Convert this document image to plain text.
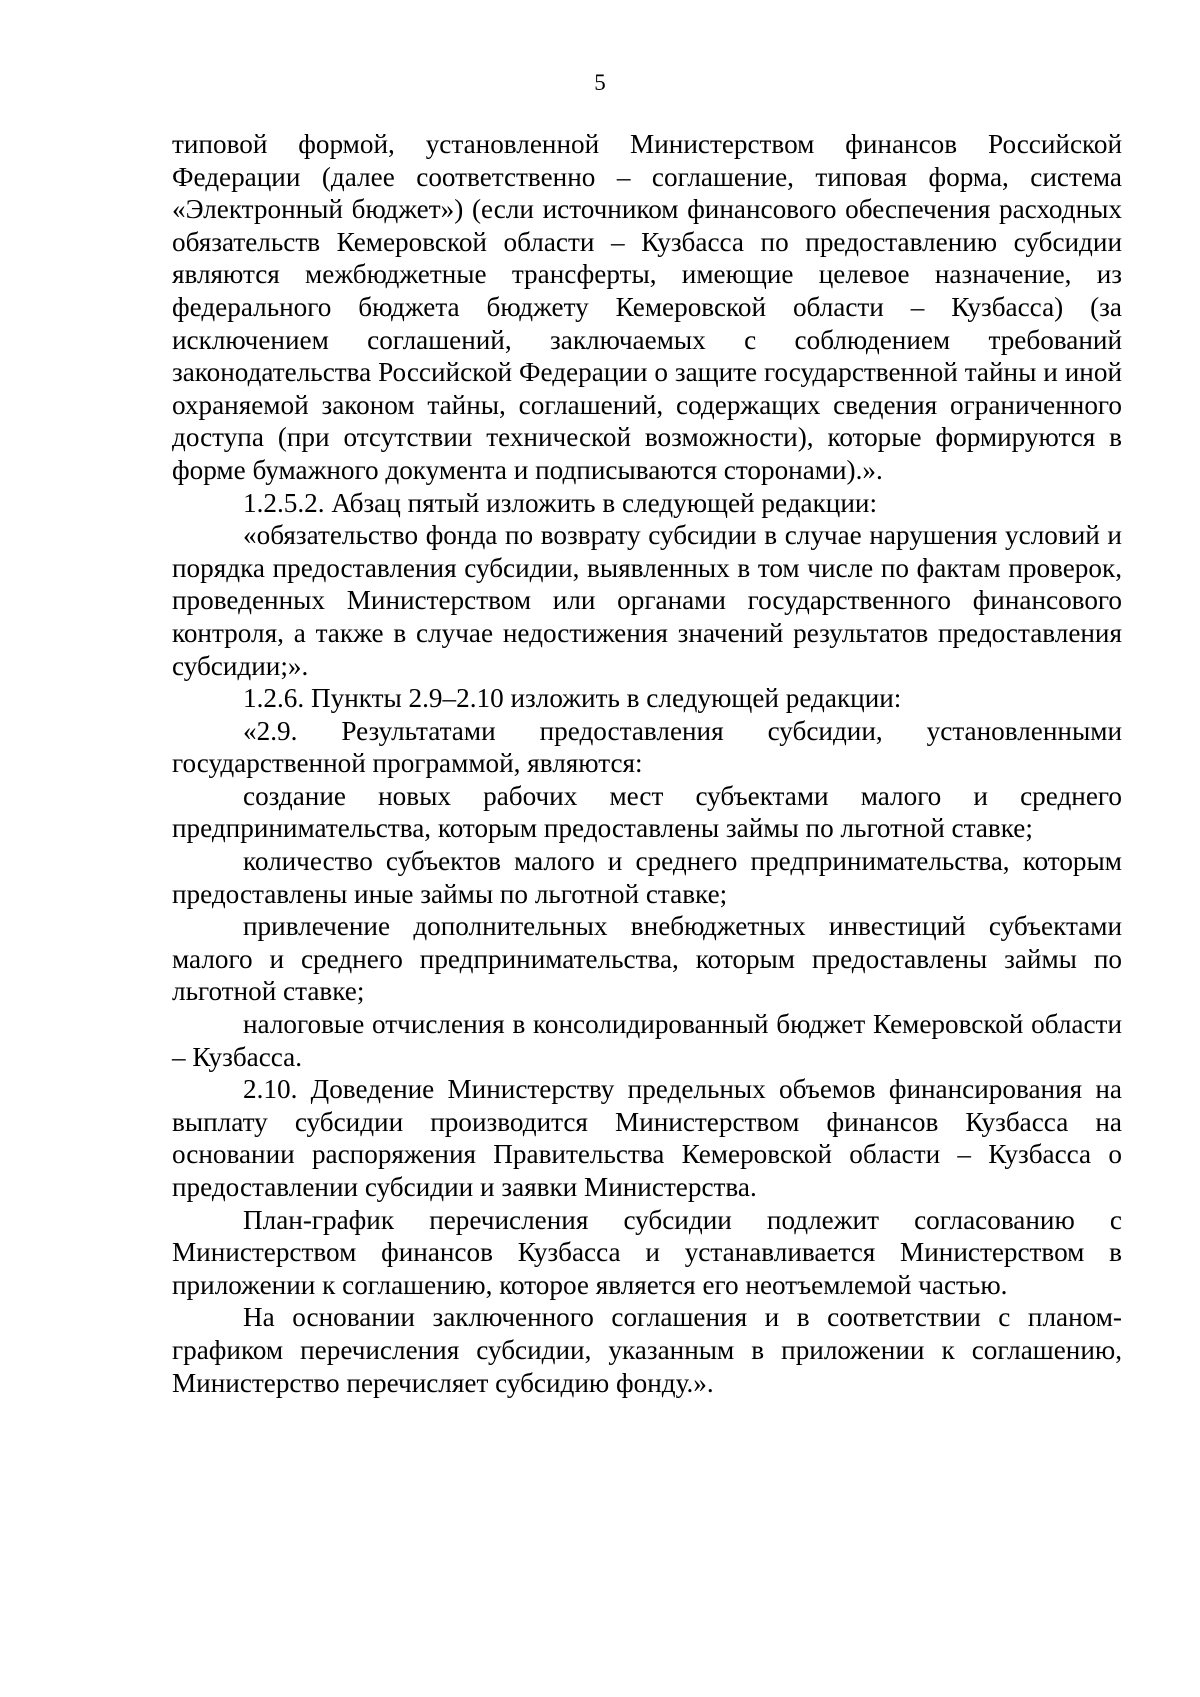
5

типовой формой, установленной Министерством финансов Российской Федерации (далее соответственно – соглашение, типовая форма, система «Электронный бюджет») (если источником финансового обеспечения расходных обязательств Кемеровской области – Кузбасса по предоставлению субсидии являются межбюджетные трансферты, имеющие целевое назначение, из федерального бюджета бюджету Кемеровской области – Кузбасса) (за исключением соглашений, заключаемых с соблюдением требований законодательства Российской Федерации о защите государственной тайны и иной охраняемой законом тайны, соглашений, содержащих сведения ограниченного доступа (при отсутствии технической возможности), которые формируются в форме бумажного документа и подписываются сторонами).».

1.2.5.2. Абзац пятый изложить в следующей редакции:

«обязательство фонда по возврату субсидии в случае нарушения условий и порядка предоставления субсидии, выявленных в том числе по фактам проверок, проведенных Министерством или органами государственного финансового контроля, а также в случае недостижения значений результатов предоставления субсидии;».

1.2.6. Пункты 2.9–2.10 изложить в следующей редакции:

«2.9. Результатами предоставления субсидии, установленными государственной программой, являются:

создание новых рабочих мест субъектами малого и среднего предпринимательства, которым предоставлены займы по льготной ставке;

количество субъектов малого и среднего предпринимательства, которым предоставлены иные займы по льготной ставке;

привлечение дополнительных внебюджетных инвестиций субъектами малого и среднего предпринимательства, которым предоставлены займы по льготной ставке;

налоговые отчисления в консолидированный бюджет Кемеровской области – Кузбасса.

2.10. Доведение Министерству предельных объемов финансирования на выплату субсидии производится Министерством финансов Кузбасса на основании распоряжения Правительства Кемеровской области – Кузбасса о предоставлении субсидии и заявки Министерства.

План-график перечисления субсидии подлежит согласованию с Министерством финансов Кузбасса и устанавливается Министерством в приложении к соглашению, которое является его неотъемлемой частью.

На основании заключенного соглашения и в соответствии с планом-графиком перечисления субсидии, указанным в приложении к соглашению, Министерство перечисляет субсидию фонду.».
